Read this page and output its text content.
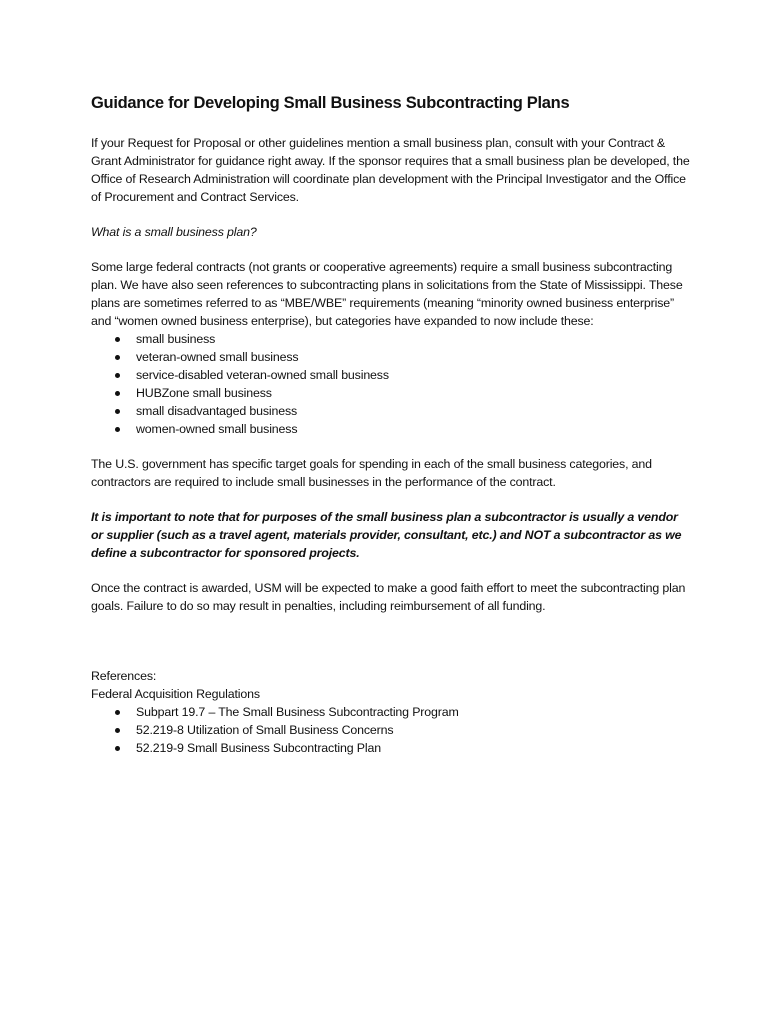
Guidance for Developing Small Business Subcontracting Plans

If your Request for Proposal or other guidelines mention a small business plan, consult with your Contract & Grant Administrator for guidance right away. If the sponsor requires that a small business plan be developed, the Office of Research Administration will coordinate plan development with the Principal Investigator and the Office of Procurement and Contract Services.

What is a small business plan?

Some large federal contracts (not grants or cooperative agreements) require a small business subcontracting plan. We have also seen references to subcontracting plans in solicitations from the State of Mississippi. These plans are sometimes referred to as “MBE/WBE” requirements (meaning “minority owned business enterprise” and “women owned business enterprise), but categories have expanded to now include these:

small business
veteran-owned small business
service-disabled veteran-owned small business
HUBZone small business
small disadvantaged business
women-owned small business

The U.S. government has specific target goals for spending in each of the small business categories, and contractors are required to include small businesses in the performance of the contract.

It is important to note that for purposes of the small business plan a subcontractor is usually a vendor or supplier (such as a travel agent, materials provider, consultant, etc.) and NOT a subcontractor as we define a subcontractor for sponsored projects.

Once the contract is awarded, USM will be expected to make a good faith effort to meet the subcontracting plan goals. Failure to do so may result in penalties, including reimbursement of all funding.

References:

Federal Acquisition Regulations

Subpart 19.7 – The Small Business Subcontracting Program
52.219-8 Utilization of Small Business Concerns
52.219-9 Small Business Subcontracting Plan
